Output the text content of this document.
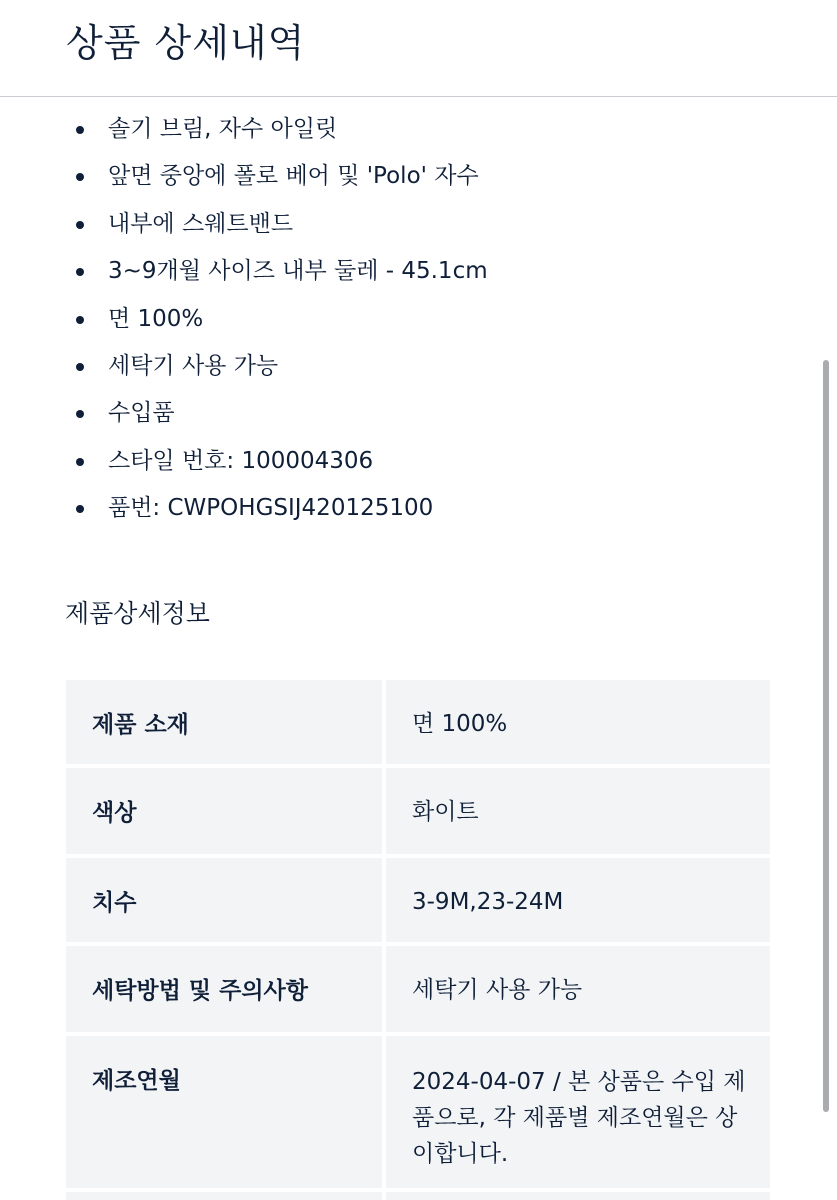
상품 상세내역
솔기 브림, 자수 아일릿
앞면 중앙에 폴로 베어 및 'Polo' 자수
내부에 스웨트밴드
3~9개월 사이즈 내부 둘레 - 45.1cm
면 100%
세탁기 사용 가능
수입품
스타일 번호: 100004306
품번: CWPOHGSIJ420125100
제품상세정보
제품 소재	면 100%
색상	화이트
치수	3-9M,23-24M
세탁방법 및 주의사항	세탁기 사용 가능
제조연월	2024-04-07 / 본 상품은 수입 제품으로, 각 제품별 제조연월은 상이합니다.
